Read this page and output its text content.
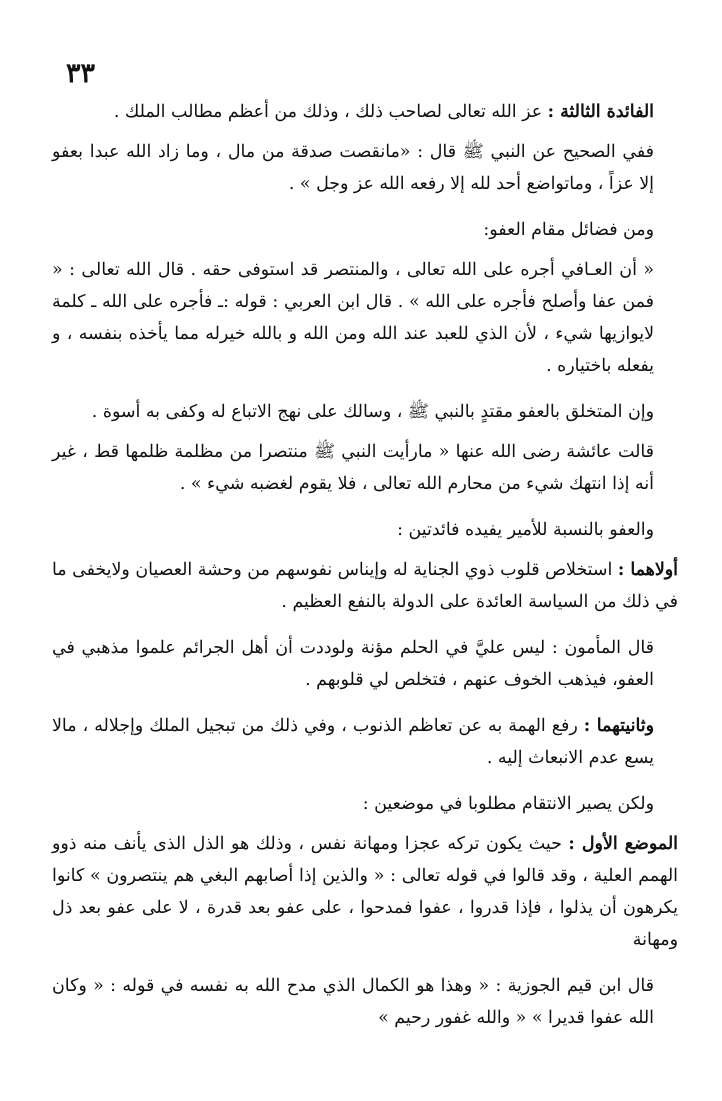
٣٣

الفائدة الثالثة : عز الله تعالى لصاحب ذلك ، وذلك من أعظم مطالب الملك .

ففي الصحيح عن النبي ﷺ قال : «مانقصت صدقة من مال ، وما زاد الله عبدا بعفو إلا عزاً ، وماتواضع أحد لله إلا رفعه الله عز وجل » .

ومن فضائل مقام العفو:

« أن العـافي أجره على الله تعالى ، والمنتصر قد استوفى حقه . قال الله تعالى : « فمن عفا وأصلح فأجره على الله » . قال ابن العربي : قوله :ـ فأجره على الله ـ كلمة لايوازيها شيء ، لأن الذي للعبد عند الله ومن الله و بالله خيرله مما يأخذه بنفسه ، و يفعله باختياره .

وإن المتخلق بالعفو مقتدٍ بالنبي ﷺ ، وسالك على نهج الاتباع له وكفى به أسوة .

قالت عائشة رضى الله عنها « مارأيت النبي ﷺ منتصرا من مظلمة ظلمها قط ، غير أنه إذا انتهك شيء من محارم الله تعالى ، فلا يقوم لغضبه شيء » .

والعفو بالنسبة للأمير يفيده فائدتين :

أولاهما : استخلاص قلوب ذوي الجناية له وإيناس نفوسهم من وحشة العصيان ولايخفى ما في ذلك من السياسة العائدة على الدولة بالنفع العظيم .

قال المأمون : ليس عليَّ في الحلم مؤنة ولوددت أن أهل الجرائم علموا مذهبي في العفو، فيذهب الخوف عنهم ، فتخلص لي قلوبهم .

وثانيتهما : رفع الهمة به عن تعاظم الذنوب ، وفي ذلك من تبجيل الملك وإجلاله ، مالا يسع عدم الانبعاث إليه .

ولكن يصير الانتقام مطلوبا في موضعين :

الموضع الأول : حيث يكون تركه عجزا ومهانة نفس ، وذلك هو الذل الذى يأنف منه ذوو الهمم العلية ، وقد قالوا في قوله تعالى : « والذين إذا أصابهم البغي هم ينتصرون » كانوا يكرهون أن يذلوا ، فإذا قدروا ، عفوا فمدحوا ، على عفو بعد قدرة ، لا على عفو بعد ذل ومهانة

قال ابن قيم الجوزية : « وهذا هو الكمال الذي مدح الله به نفسه في قوله : « وكان الله عفوا قديرا » « والله غفور رحيم »
